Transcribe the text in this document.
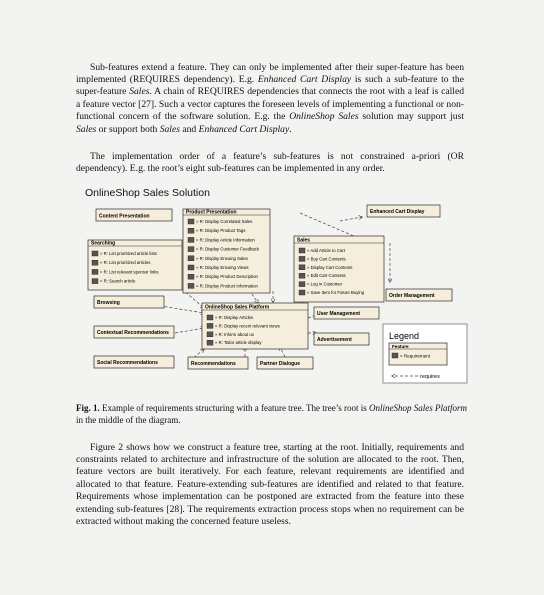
Sub-features extend a feature. They can only be implemented after their super-feature has been implemented (REQUIRES dependency). E.g. Enhanced Cart Display is such a sub-feature to the super-feature Sales. A chain of REQUIRES dependencies that connects the root with a leaf is called a feature vector [27]. Such a vector captures the foreseen levels of implementing a functional or non-functional concern of the software solution. E.g. the OnlineShop Sales solution may support just Sales or support both Sales and Enhanced Cart Display.

The implementation order of a feature’s sub-features is not constrained a-priori (OR dependency). E.g. the root’s eight sub-features can be implemented in any order.

OnlineShop Sales Solution
Content Presentation
Product Presentation
» R: Display Correlated Sales
» R: Display Product Tags
» R: Display Article Information
» R: Display Customer Feedback
» R: Display Ensuing Sales
» R: Display Ensuing Views
» R: Display Product Description
» R: Display Product Information
Enhanced Cart Display
Searching
» R: List prioritized article lists
» R: List prioritized articles
» R: List relevant sponsor links
» R: Search article
Sales
» Add Article to Cart
» Buy Cart Contents
» Display Cart Contents
» Edit Cart Contents
» Log in Customer
» Save Item for Future Buying
Browsing
Order Management
OnlineShop Sales Platform
» R: Display Articles
» R: Display recent relevant views
» R: Inform about us
» R: Tailor article display
User Management
Contextual Recommendations
Advertisement
Social Recommendations	Recommendations	Partner Dialogue
Legend
Feature
» Requirement
requires

Fig. 1. Example of requirements structuring with a feature tree. The tree’s root is OnlineShop Sales Platform in the middle of the diagram.

Figure 2 shows how we construct a feature tree, starting at the root. Initially, requirements and constraints related to architecture and infrastructure of the solution are allocated to the root. Then, feature vectors are built iteratively. For each feature, relevant requirements are identified and allocated to that feature. Feature-extending sub-features are identified and related to that feature. Requirements whose implementation can be postponed are extracted from the feature into these extending sub-features [28]. The requirements extraction process stops when no requirement can be extracted without making the concerned feature useless.
